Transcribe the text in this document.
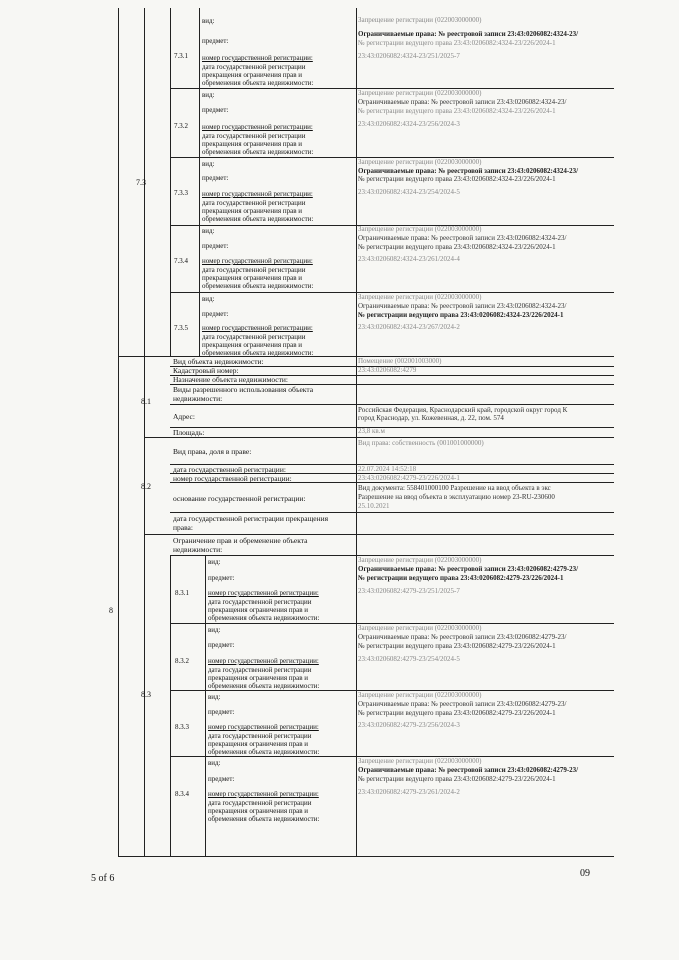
7.3
8
8.1
8.2
8.3
7.3.1
7.3.2
7.3.3
7.3.4
7.3.5
8.3.1
8.3.2
8.3.3
8.3.4
вид:
предмет:
номер государственной регистрации:
дата государственной регистрации
прекращения ограничения прав и
обременения объекта недвижимости:
Запрещение регистрации (022003000000)
Ограничиваемые права: № реестровой записи 23:43:0206082:4324-23/
№ регистрации ведущего права 23:43:0206082:4324-23/226/2024-1
23:43:0206082:4324-23/251/2025-7
вид:
предмет:
номер государственной регистрации:
дата государственной регистрации
прекращения ограничения прав и
обременения объекта недвижимости:
Запрещение регистрации (022003000000)
Ограничиваемые права: № реестровой записи 23:43:0206082:4324-23/
№ регистрации ведущего права 23:43:0206082:4324-23/226/2024-1
23:43:0206082:4324-23/256/2024-3
вид:
предмет:
номер государственной регистрации:
дата государственной регистрации
прекращения ограничения прав и
обременения объекта недвижимости:
Запрещение регистрации (022003000000)
Ограничиваемые права: № реестровой записи 23:43:0206082:4324-23/
№ регистрации ведущего права 23:43:0206082:4324-23/226/2024-1
23:43:0206082:4324-23/254/2024-5
вид:
предмет:
номер государственной регистрации:
дата государственной регистрации
прекращения ограничения прав и
обременения объекта недвижимости:
Запрещение регистрации (022003000000)
Ограничиваемые права: № реестровой записи 23:43:0206082:4324-23/
№ регистрации ведущего права 23:43:0206082:4324-23/226/2024-1
23:43:0206082:4324-23/261/2024-4
вид:
предмет:
номер государственной регистрации:
дата государственной регистрации
прекращения ограничения прав и
обременения объекта недвижимости:
Запрещение регистрации (022003000000)
Ограничиваемые права: № реестровой записи 23:43:0206082:4324-23/
№ регистрации ведущего права 23:43:0206082:4324-23/226/2024-1
23:43:0206082:4324-23/267/2024-2
Вид объекта недвижимости:
Кадастровый номер:
Назначение объекта недвижимости:
Виды разрешенного использования объекта
недвижимости:
Адрес:
Площадь:
Помещение (002001003000)
23:43:0206082:4279
Российская Федерация, Краснодарский край, городской округ город К
город Краснодар, ул. Кожевенная, д. 22, пом. 574
23,8 кв.м
Вид права, доля в праве:
дата государственной регистрации:
номер государственной регистрации:
основание государственной регистрации:
дата государственной регистрации прекращения
права:
Вид права: собственность (001001000000)
22.07.2024 14:52:18
23:43:0206082:4279-23/226/2024-1
Вид документа: 558401000100 Разрешение на ввод объекта в экс
Разрешение на ввод объекта в эксплуатацию номер 23-RU-230600
25.10.2021
Ограничение прав и обременение объекта
недвижимости:
вид:
предмет:
номер государственной регистрации:
дата государственной регистрации
прекращения ограничения прав и
обременения объекта недвижимости:
Запрещение регистрации (022003000000)
Ограничиваемые права: № реестровой записи 23:43:0206082:4279-23/
№ регистрации ведущего права 23:43:0206082:4279-23/226/2024-1
23:43:0206082:4279-23/251/2025-7
вид:
предмет:
номер государственной регистрации:
дата государственной регистрации
прекращения ограничения прав и
обременения объекта недвижимости:
Запрещение регистрации (022003000000)
Ограничиваемые права: № реестровой записи 23:43:0206082:4279-23/
№ регистрации ведущего права 23:43:0206082:4279-23/226/2024-1
23:43:0206082:4279-23/254/2024-5
вид:
предмет:
номер государственной регистрации:
дата государственной регистрации
прекращения ограничения прав и
обременения объекта недвижимости:
Запрещение регистрации (022003000000)
Ограничиваемые права: № реестровой записи 23:43:0206082:4279-23/
№ регистрации ведущего права 23:43:0206082:4279-23/226/2024-1
23:43:0206082:4279-23/256/2024-3
вид:
предмет:
номер государственной регистрации:
дата государственной регистрации
прекращения ограничения прав и
обременения объекта недвижимости:
Запрещение регистрации (022003000000)
Ограничиваемые права: № реестровой записи 23:43:0206082:4279-23/
№ регистрации ведущего права 23:43:0206082:4279-23/226/2024-1
23:43:0206082:4279-23/261/2024-2
5 of 6	09
